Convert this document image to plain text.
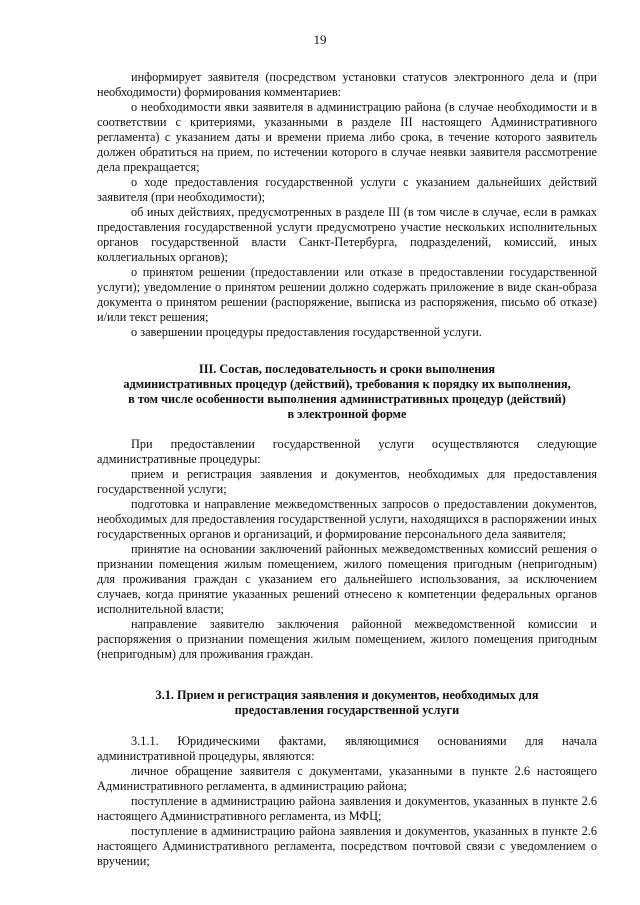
19

информирует заявителя (посредством установки статусов электронного дела и (при необходимости) формирования комментариев:

о необходимости явки заявителя в администрацию района (в случае необходимости и в соответствии с критериями, указанными в разделе III настоящего Административного регламента) с указанием даты и времени приема либо срока, в течение которого заявитель должен обратиться на прием, по истечении которого в случае неявки заявителя рассмотрение дела прекращается;

о ходе предоставления государственной услуги с указанием дальнейших действий заявителя (при необходимости);

об иных действиях, предусмотренных в разделе III (в том числе в случае, если в рамках предоставления государственной услуги предусмотрено участие нескольких исполнительных органов государственной власти Санкт-Петербурга, подразделений, комиссий, иных коллегиальных органов);

о принятом решении (предоставлении или отказе в предоставлении государственной услуги); уведомление о принятом решении должно содержать приложение в виде скан-образа документа о принятом решении (распоряжение, выписка из распоряжения, письмо об отказе) и/или текст решения;

о завершении процедуры предоставления государственной услуги.

III. Состав, последовательность и сроки выполнения
административных процедур (действий), требования к порядку их выполнения,
в том числе особенности выполнения административных процедур (действий)
в электронной форме

При предоставлении государственной услуги осуществляются следующие административные процедуры:

прием и регистрация заявления и документов, необходимых для предоставления государственной услуги;

подготовка и направление межведомственных запросов о предоставлении документов, необходимых для предоставления государственной услуги, находящихся в распоряжении иных государственных органов и организаций, и формирование персонального дела заявителя;

принятие на основании заключений районных межведомственных комиссий решения о признании помещения жилым помещением, жилого помещения пригодным (непригодным) для проживания граждан с указанием его дальнейшего использования, за исключением случаев, когда принятие указанных решений отнесено к компетенции федеральных органов исполнительной власти;

направление заявителю заключения районной межведомственной комиссии и распоряжения о признании помещения жилым помещением, жилого помещения пригодным (непригодным) для проживания граждан.

3.1. Прием и регистрация заявления и документов, необходимых для
предоставления государственной услуги

3.1.1. Юридическими фактами, являющимися основаниями для начала административной процедуры, являются:

личное обращение заявителя с документами, указанными в пункте 2.6 настоящего Административного регламента, в администрацию района;

поступление в администрацию района заявления и документов, указанных в пункте 2.6 настоящего Административного регламента, из МФЦ;

поступление в администрацию района заявления и документов, указанных в пункте 2.6 настоящего Административного регламента, посредством почтовой связи с уведомлением о вручении;
